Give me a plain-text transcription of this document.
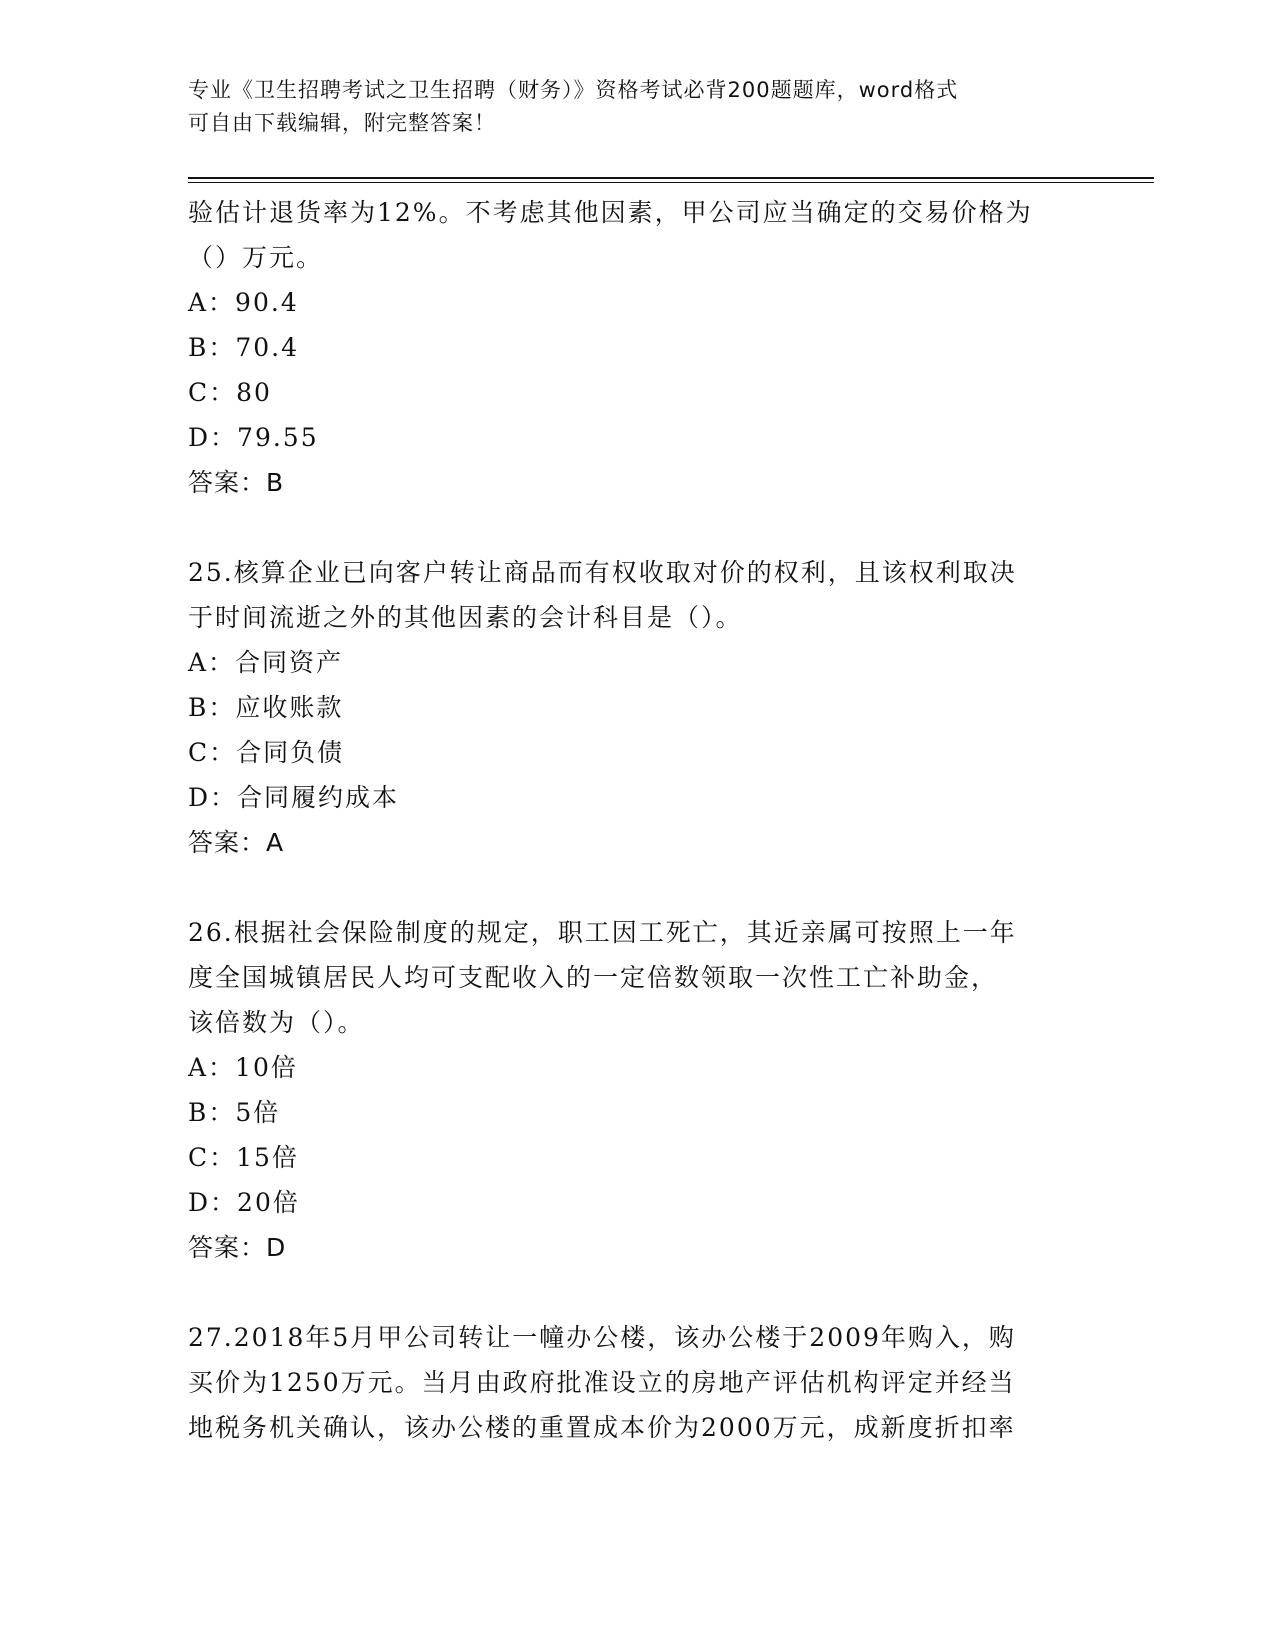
专业《卫生招聘考试之卫生招聘（财务）》资格考试必背200题题库，word格式
可自由下载编辑，附完整答案！
验估计退货率为12%。不考虑其他因素，甲公司应当确定的交易价格为
（）万元。
A：90.4
B：70.4
C：80
D：79.55
答案：B
25.核算企业已向客户转让商品而有权收取对价的权利，且该权利取决
于时间流逝之外的其他因素的会计科目是（）。
A：合同资产
B：应收账款
C：合同负债
D：合同履约成本
答案：A
26.根据社会保险制度的规定，职工因工死亡，其近亲属可按照上一年
度全国城镇居民人均可支配收入的一定倍数领取一次性工亡补助金，
该倍数为（）。
A：10倍
B：5倍
C：15倍
D：20倍
答案：D
27.2018年5月甲公司转让一幢办公楼，该办公楼于2009年购入，购
买价为1250万元。当月由政府批准设立的房地产评估机构评定并经当
地税务机关确认，该办公楼的重置成本价为2000万元，成新度折扣率
